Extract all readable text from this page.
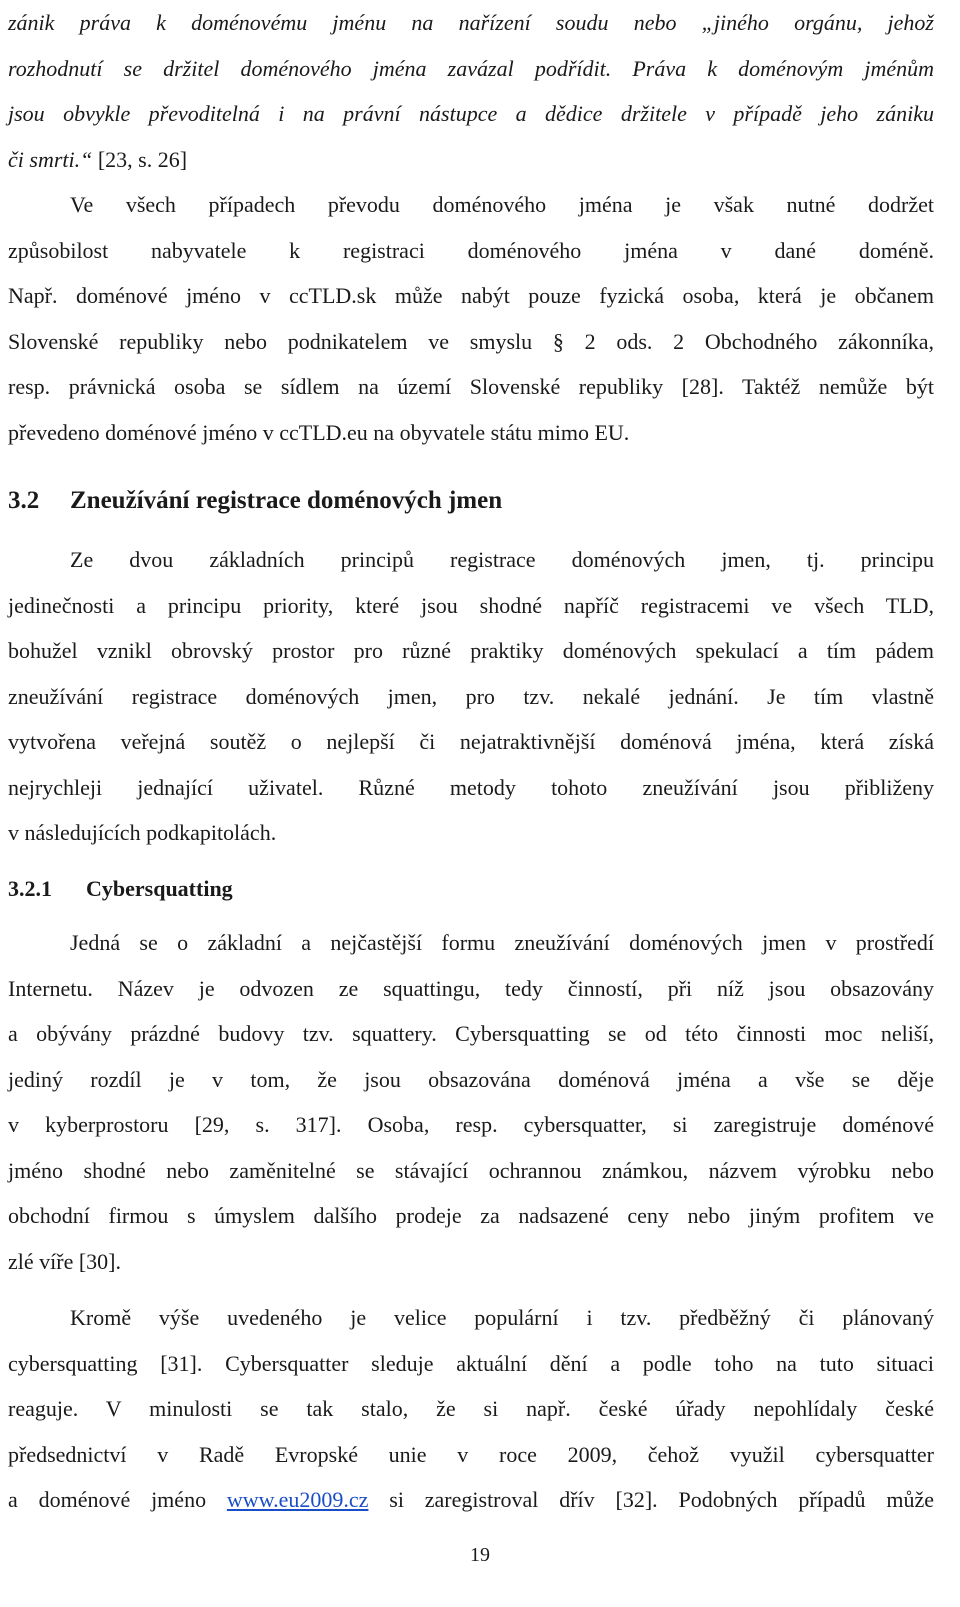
zánik práva k doménovému jménu na nařízení soudu nebo „jiného orgánu, jehož
rozhodnutí se držitel doménového jména zavázal podřídit. Práva k doménovým jménům
jsou obvykle převoditelná i na právní nástupce a dědice držitele v případě jeho zániku
či smrti.“ [23, s. 26]
Ve všech případech převodu doménového jména je však nutné dodržet
způsobilost nabyvatele k registraci doménového jména v dané doméně.
Např. doménové jméno v ccTLD.sk může nabýt pouze fyzická osoba, která je občanem
Slovenské republiky nebo podnikatelem ve smyslu § 2 ods. 2 Obchodného zákonníka,
resp. právnická osoba se sídlem na území Slovenské republiky [28]. Taktéž nemůže být
převedeno doménové jméno v ccTLD.eu na obyvatele státu mimo EU.
3.2 Zneužívání registrace doménových jmen
Ze dvou základních principů registrace doménových jmen, tj. principu
jedinečnosti a principu priority, které jsou shodné napříč registracemi ve všech TLD,
bohužel vznikl obrovský prostor pro různé praktiky doménových spekulací a tím pádem
zneužívání registrace doménových jmen, pro tzv. nekalé jednání. Je tím vlastně
vytvořena veřejná soutěž o nejlepší či nejatraktivnější doménová jména, která získá
nejrychleji jednající uživatel. Různé metody tohoto zneužívání jsou přibliženy
v následujících podkapitolách.
3.2.1 Cybersquatting
Jedná se o základní a nejčastější formu zneužívání doménových jmen v prostředí
Internetu. Název je odvozen ze squattingu, tedy činností, při níž jsou obsazovány
a obývány prázdné budovy tzv. squattery. Cybersquatting se od této činnosti moc neliší,
jediný rozdíl je v tom, že jsou obsazována doménová jména a vše se děje
v kyberprostoru [29, s. 317]. Osoba, resp. cybersquatter, si zaregistruje doménové
jméno shodné nebo zaměnitelné se stávající ochrannou známkou, názvem výrobku nebo
obchodní firmou s úmyslem dalšího prodeje za nadsazené ceny nebo jiným profitem ve
zlé víře [30].
Kromě výše uvedeného je velice populární i tzv. předběžný či plánovaný
cybersquatting [31]. Cybersquatter sleduje aktuální dění a podle toho na tuto situaci
reaguje. V minulosti se tak stalo, že si např. české úřady nepohlídaly české
předsednictví v Radě Evropské unie v roce 2009, čehož využil cybersquatter
a doménové jméno www.eu2009.cz si zaregistroval dřív [32]. Podobných případů může
19
